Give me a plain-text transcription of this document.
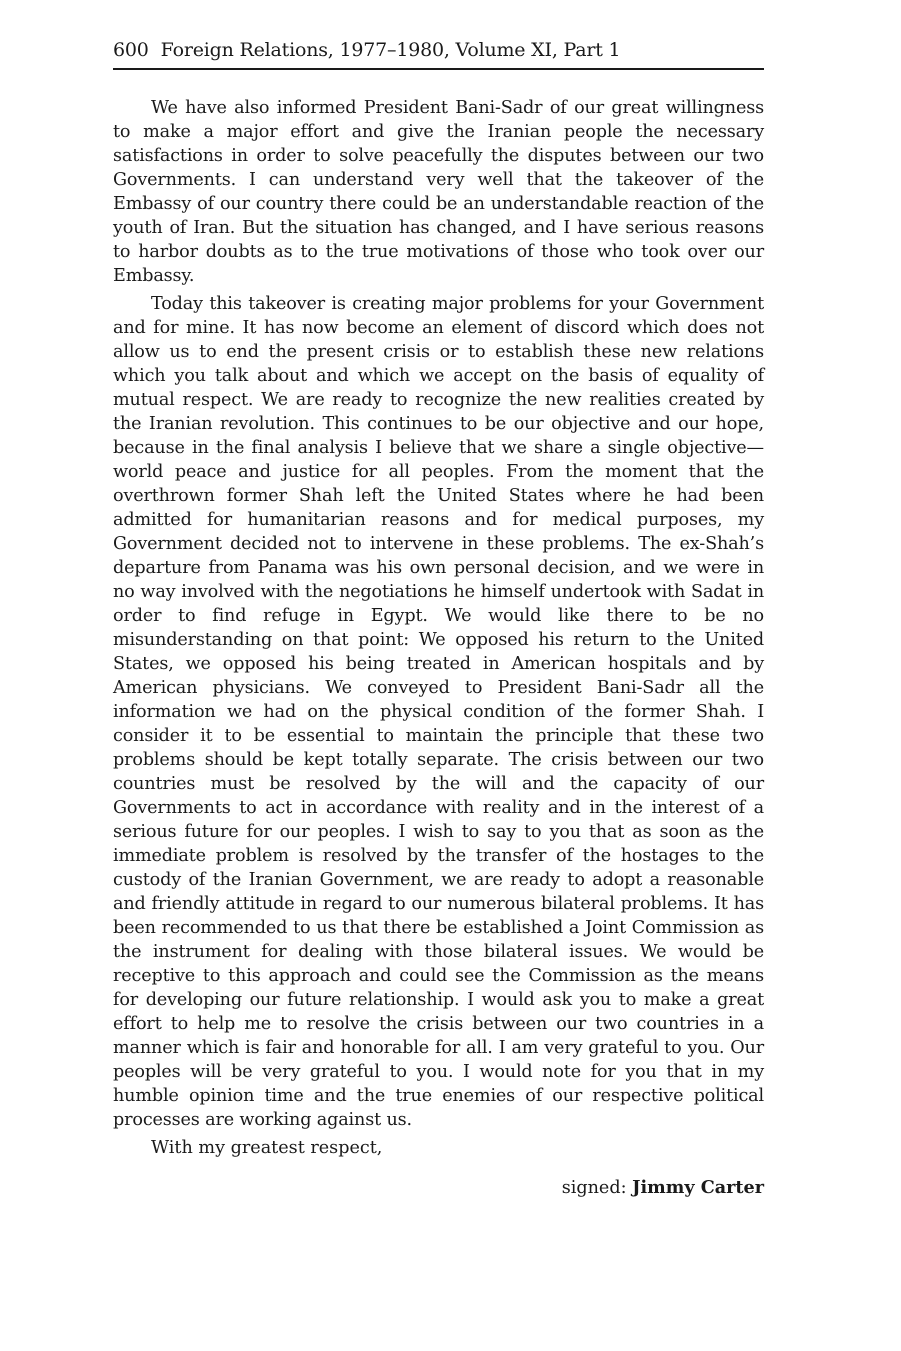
600 Foreign Relations, 1977–1980, Volume XI, Part 1

We have also informed President Bani-Sadr of our great willingness to make a major effort and give the Iranian people the necessary satisfactions in order to solve peacefully the disputes between our two Governments. I can understand very well that the takeover of the Embassy of our country there could be an understandable reaction of the youth of Iran. But the situation has changed, and I have serious reasons to harbor doubts as to the true motivations of those who took over our Embassy.

Today this takeover is creating major problems for your Government and for mine. It has now become an element of discord which does not allow us to end the present crisis or to establish these new relations which you talk about and which we accept on the basis of equality of mutual respect. We are ready to recognize the new realities created by the Iranian revolution. This continues to be our objective and our hope, because in the final analysis I believe that we share a single objective—world peace and justice for all peoples. From the moment that the overthrown former Shah left the United States where he had been admitted for humanitarian reasons and for medical purposes, my Government decided not to intervene in these problems. The ex-Shah’s departure from Panama was his own personal decision, and we were in no way involved with the negotiations he himself undertook with Sadat in order to find refuge in Egypt. We would like there to be no misunderstanding on that point: We opposed his return to the United States, we opposed his being treated in American hospitals and by American physicians. We conveyed to President Bani-Sadr all the information we had on the physical condition of the former Shah. I consider it to be essential to maintain the principle that these two problems should be kept totally separate. The crisis between our two countries must be resolved by the will and the capacity of our Governments to act in accordance with reality and in the interest of a serious future for our peoples. I wish to say to you that as soon as the immediate problem is resolved by the transfer of the hostages to the custody of the Iranian Government, we are ready to adopt a reasonable and friendly attitude in regard to our numerous bilateral problems. It has been recommended to us that there be established a Joint Commission as the instrument for dealing with those bilateral issues. We would be receptive to this approach and could see the Commission as the means for developing our future relationship. I would ask you to make a great effort to help me to resolve the crisis between our two countries in a manner which is fair and honorable for all. I am very grateful to you. Our peoples will be very grateful to you. I would note for you that in my humble opinion time and the true enemies of our respective political processes are working against us.

With my greatest respect,
signed: Jimmy Carter
